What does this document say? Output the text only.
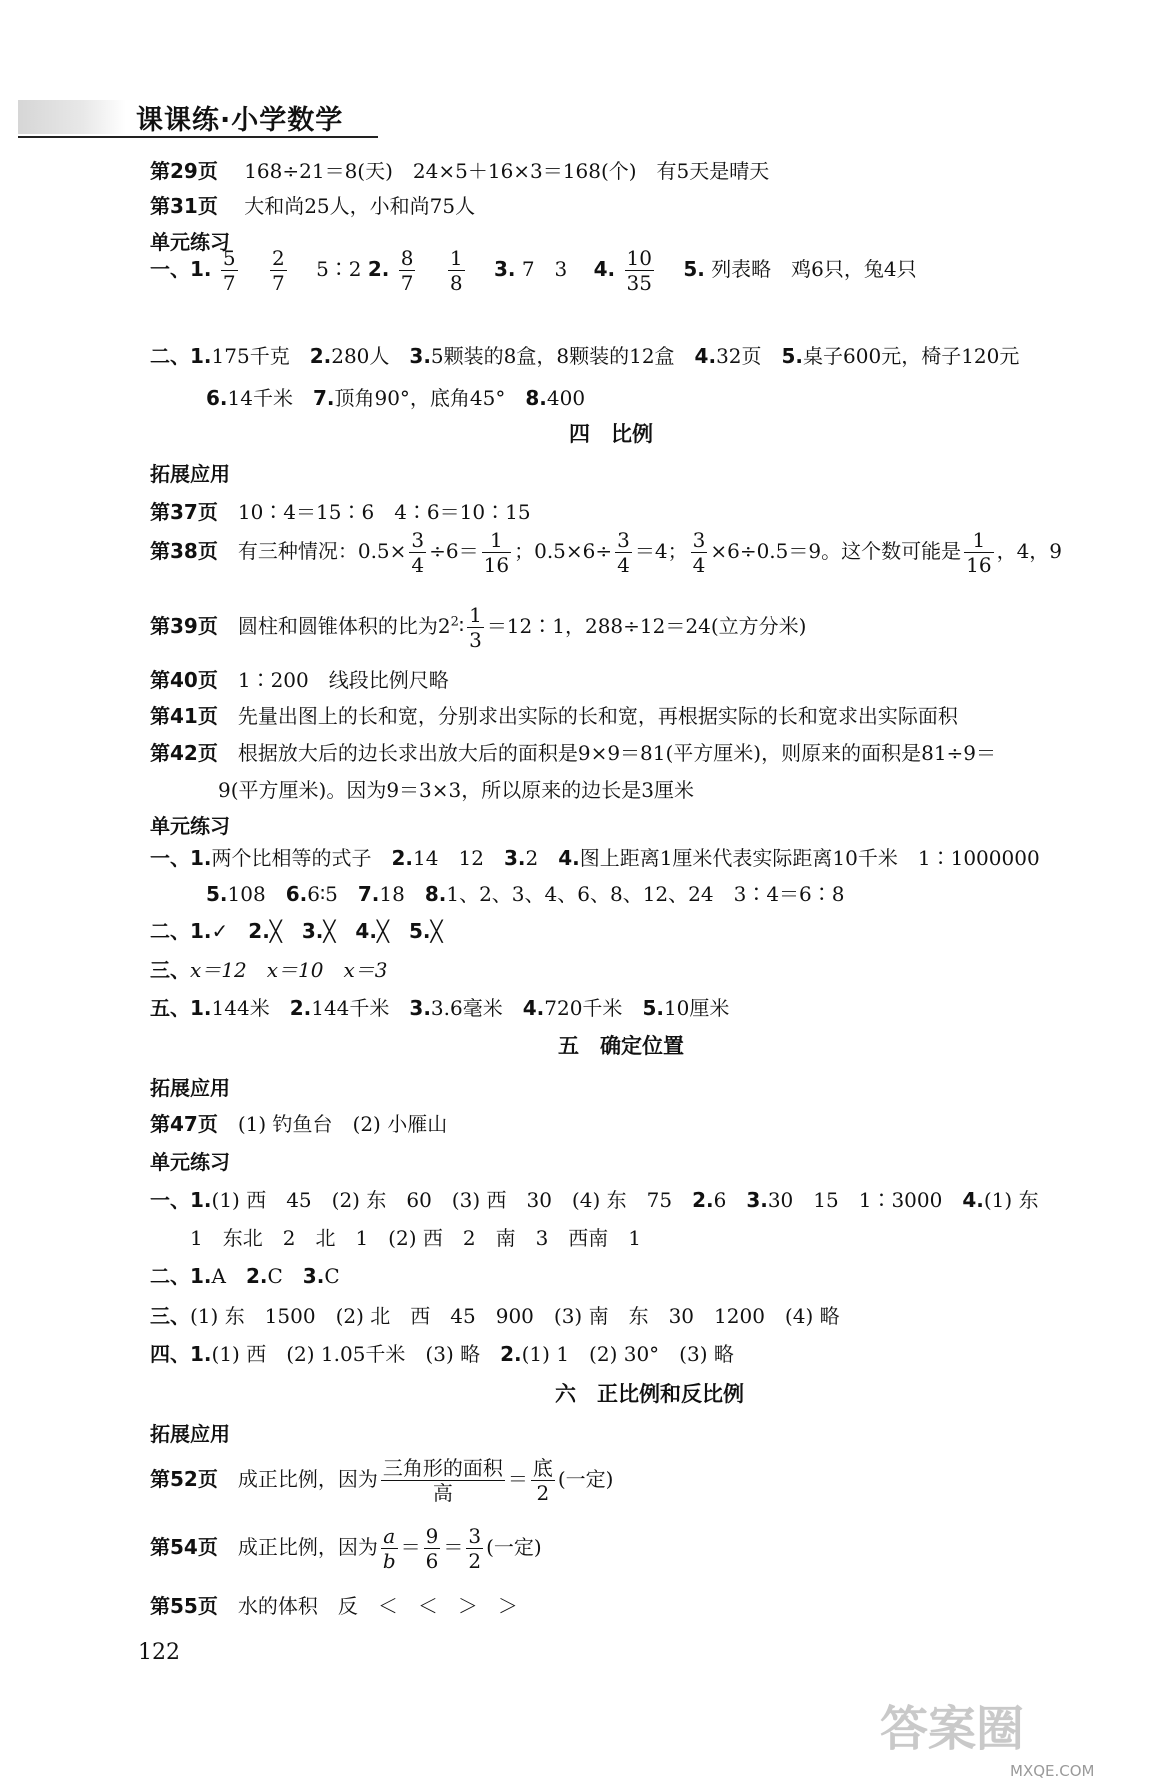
课课练·小学数学
第29页　 168÷21＝8(天)　24×5＋16×3＝168(个)　有5天是晴天
第31页　 大和尚25人，小和尚75人
单元练习
一、1. $\frac{5}{7}$
　 $\frac{2}{7}$
　 5∶2 2. $\frac{8}{7}$
　 $\frac{1}{8}$
　 3. 7　3　 4. $\frac{10}{35}$
　 5. 列表略　鸡6只，兔4只
二、1.175千克　 2.280人　 3.5颗装的8盒，8颗装的12盒　 4.32页　 5.桌子600元，椅子120元
6.14千米　 7.顶角90°，底角45°　 8.400
四　比例
拓展应用
第37页　 10∶4＝15∶6　4∶6＝10∶15
第38页　 有三种情况：$0.5\times \frac{3}{4} \div 6= \frac{1}{16}$ ；$0.5\times 6\div \frac{3}{4} =4$； $\frac{3}{4} \times 6\div 0.5=9$。这个数可能是 $\frac{1}{16}$ ，4，9
第39页　 圆柱和圆锥体积的比为$2^2∶ \frac{1}{3}$ ＝12∶1，288÷12＝24(立方分米)
第40页　 1∶200　线段比例尺略
第41页　 先量出图上的长和宽，分别求出实际的长和宽，再根据实际的长和宽求出实际面积
第42页　 根据放大后的边长求出放大后的面积是9×9＝81(平方厘米)，则原来的面积是81÷9＝
9(平方厘米)。因为9＝3×3，所以原来的边长是3厘米
单元练习
一、1.两个比相等的式子　 2.14　12　 3.2　 4.图上距离1厘米代表实际距离10千米　1∶1000000
5.108　 6.6∶5　 7.18　 8.1、2、3、4、6、8、12、24　3∶4＝6∶8
二、1.✓　 2.╳　 3.╳　 4.╳　 5.╳
三、x＝12　x＝10　x＝3
五、1.144米　 2.144千米　 3.3.6毫米　 4.720千米　 5.10厘米
五　确定位置
拓展应用
第47页　 (1) 钓鱼台　(2) 小雁山
单元练习
一、1.(1) 西　45　(2) 东　60　(3) 西　30　(4) 东　75　 2.6　 3.30　15　1∶3000　 4.(1) 东
1　东北　2　北　1　(2) 西　2　南　3　西南　1
二、1.A　 2.C　 3.C
三、(1) 东　1500　(2) 北　西　45　900　(3) 南　东　30　1200　(4) 略
四、1.(1) 西　(2) 1.05千米　(3) 略　 2.(1) 1　(2) 30°　(3) 略
六　正比例和反比例
拓展应用
第52页　 成正比例，因为 $\frac{\text{三角形的面积}}{\text{高}} = \frac{\text{底}}{2}$ (一定)
第54页　 成正比例，因为 $\frac{a}{b} = \frac{9}{6} = \frac{3}{2}$ (一定)
第55页　 水的体积　反　＜　＜　＞　＞
122
答案圈
MXQE.COM
